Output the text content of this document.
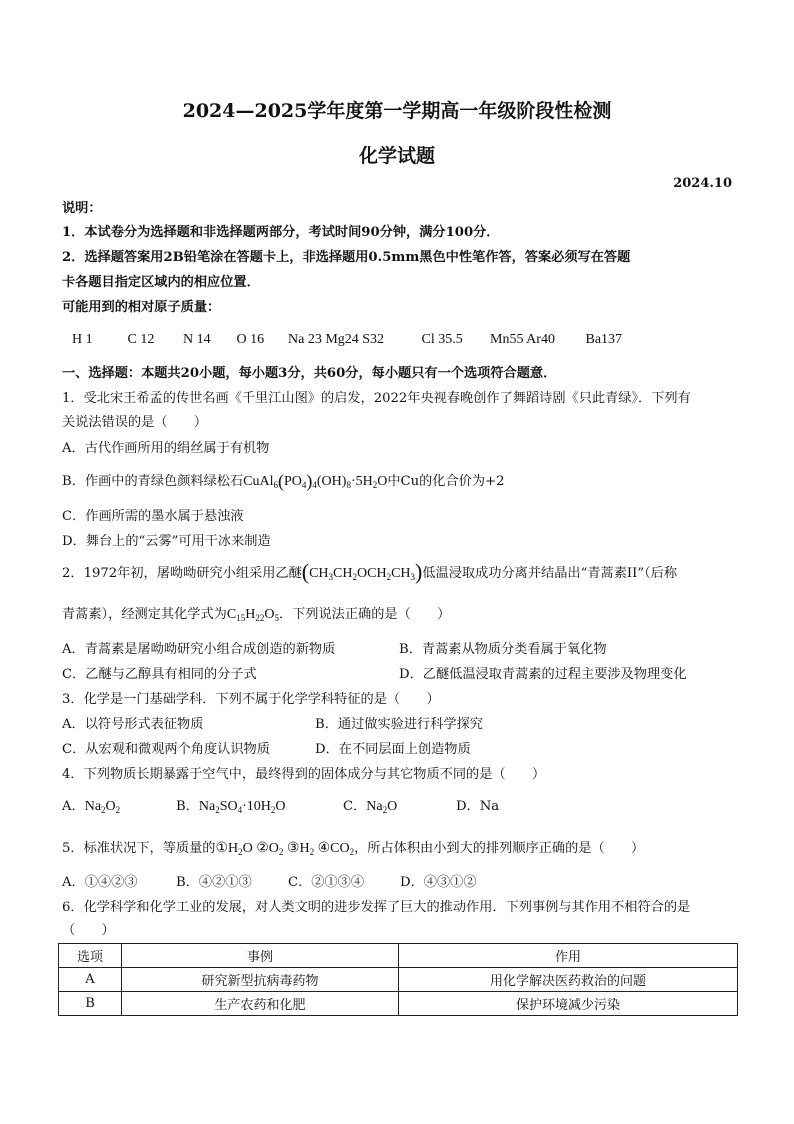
2024—2025学年度第一学期高一年级阶段性检测
化学试题
2024.10
说明：
1．本试卷分为选择题和非选择题两部分，考试时间90分钟，满分100分．
2．选择题答案用2B铅笔涂在答题卡上，非选择题用0.5mm黑色中性笔作答，答案必须写在答题
卡各题目指定区域内的相应位置．
可能用到的相对原子质量：
H 1 C 12 N 14 O 16 Na 23 Mg24 S32	Cl 35.5 Mn55 Ar40 Ba137
一、选择题：本题共20小题，每小题3分，共60分，每小题只有一个选项符合题意．
1．受北宋王希孟的传世名画《千里江山图》的启发，2022年央视春晚创作了舞蹈诗剧《只此青绿》．下列有
关说法错误的是（　　）
A．古代作画所用的绢丝属于有机物
B．作画中的青绿色颜料绿松石$CuAl_6(PO_4)_4(OH)_8\cdot 5H_2O$中Cu的化合价为+2
C．作画所需的墨水属于悬浊液
D．舞台上的“云雾”可用干冰来制造
2．1972年初，屠呦呦研究小组采用乙醚$(CH_3CH_2OCH_2CH_3)$低温浸取成功分离并结晶出“青蒿素II”（后称
青蒿素），经测定其化学式为$C_{15}H_{22}O_5$．下列说法正确的是（　　）
A．青蒿素是屠呦呦研究小组合成创造的新物质	B．青蒿素从物质分类看属于氧化物
C．乙醚与乙醇具有相同的分子式	D．乙醚低温浸取青蒿素的过程主要涉及物理变化
3．化学是一门基础学科．下列不属于化学学科特征的是（　　）
A．以符号形式表征物质	B．通过做实验进行科学探究
C．从宏观和微观两个角度认识物质	D．在不同层面上创造物质
4．下列物质长期暴露于空气中，最终得到的固体成分与其它物质不同的是（　　）
A．$Na_2O_2$	B．$Na_2SO_4\cdot 10H_2O$	C．$Na_2O$	D．Na
5．标准状况下，等质量的$①H_2O$ $②O_2$ $③H_2$ $④CO_2$，所占体积由小到大的排列顺序正确的是（　　）
A．①④②③	B．④②①③	C．②①③④	D．④③①②
6．化学科学和化学工业的发展，对人类文明的进步发挥了巨大的推动作用．下列事例与其作用不相符合的是
（　　）
选项	事例	作用
A	研究新型抗病毒药物	用化学解决医药救治的问题
B	生产农药和化肥	保护环境减少污染
